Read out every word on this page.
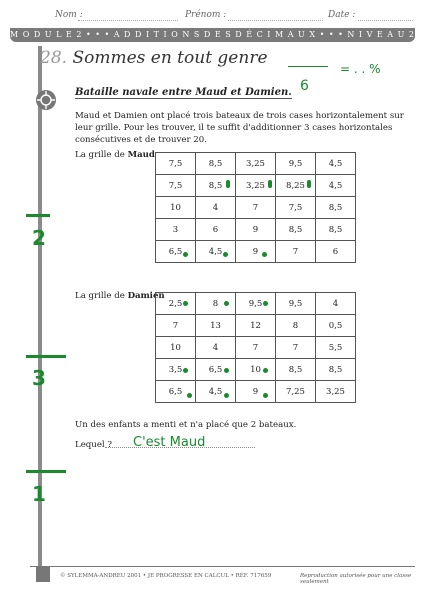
Nom :	Prénom :	Date :
M O D U L E 2 • • • A D D I T I O N S D E S D É C I M A U X • • • N I V E A U 2
28. Sommes en tout genre
6
= . . %
Bataille navale entre Maud et Damien.
Maud et Damien ont placé trois bateaux de trois cases horizontalement sur leur grille. Pour les trouver, il te suffit d'additionner 3 cases horizontales consécutives et de trouver 20.
La grille de Maud
7,5	8,5	3,25	9,5	4,5
7,5	8,5	3,25	8,25	4,5
10	4	7	7,5	8,5
3	6	9	8,5	8,5
6,5	4,5	9	7	6
La grille de Damien
2,5	8	9,5	9,5	4
7	13	12	8	0,5
10	4	7	7	5,5
3,5	6,5	10	8,5	8,5
6,5	4,5	9	7,25	3,25
Un des enfants a menti et n'a placé que 2 bateaux.
Lequel ? C'est Maud
2
3
1
© SYLEMMA-ANDREU 2001 • JE PROGRESSE EN CALCUL • RÉF. 717659	Reproduction autorisée pour une classe seulement
